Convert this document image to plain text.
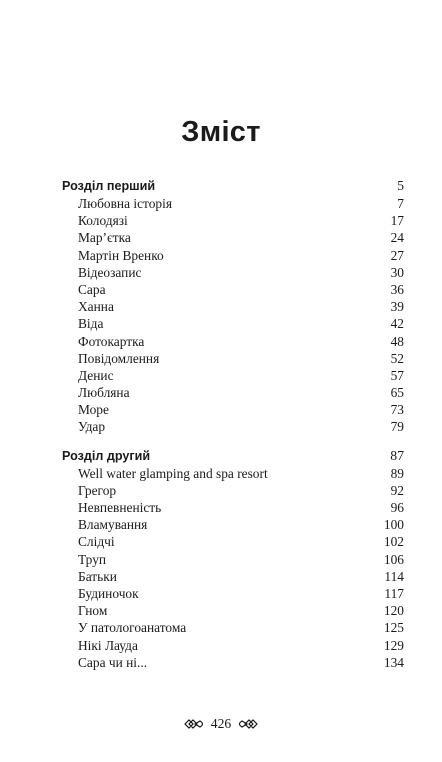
Зміст
Розділ перший	5
Любовна історія	7
Колодязі	17
Мар’єтка	24
Мартін Вренко	27
Відеозапис	30
Сара	36
Ханна	39
Віда	42
Фотокартка	48
Повідомлення	52
Денис	57
Любляна	65
Море	73
Удар	79
Розділ другий	87
Well water glamping and spa resort	89
Грегор	92
Невпевненість	96
Вламування	100
Слідчі	102
Труп	106
Батьки	114
Будиночок	117
Гном	120
У патологоанатома	125
Нікі Лауда	129
Сара чи ні...	134
426
